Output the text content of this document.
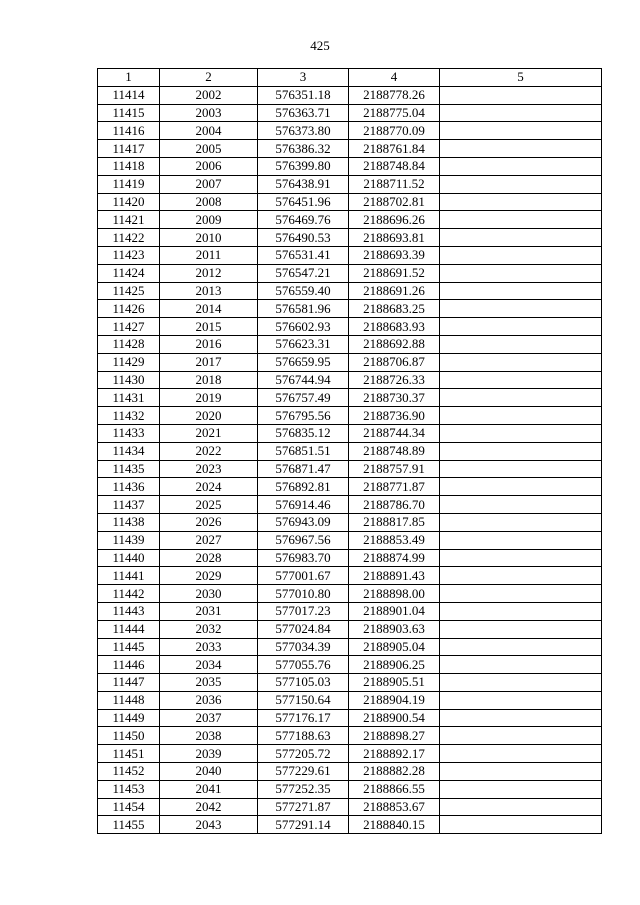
425
1	2	3	4	5
11414	2002	576351.18	2188778.26	
11415	2003	576363.71	2188775.04	
11416	2004	576373.80	2188770.09	
11417	2005	576386.32	2188761.84	
11418	2006	576399.80	2188748.84	
11419	2007	576438.91	2188711.52	
11420	2008	576451.96	2188702.81	
11421	2009	576469.76	2188696.26	
11422	2010	576490.53	2188693.81	
11423	2011	576531.41	2188693.39	
11424	2012	576547.21	2188691.52	
11425	2013	576559.40	2188691.26	
11426	2014	576581.96	2188683.25	
11427	2015	576602.93	2188683.93	
11428	2016	576623.31	2188692.88	
11429	2017	576659.95	2188706.87	
11430	2018	576744.94	2188726.33	
11431	2019	576757.49	2188730.37	
11432	2020	576795.56	2188736.90	
11433	2021	576835.12	2188744.34	
11434	2022	576851.51	2188748.89	
11435	2023	576871.47	2188757.91	
11436	2024	576892.81	2188771.87	
11437	2025	576914.46	2188786.70	
11438	2026	576943.09	2188817.85	
11439	2027	576967.56	2188853.49	
11440	2028	576983.70	2188874.99	
11441	2029	577001.67	2188891.43	
11442	2030	577010.80	2188898.00	
11443	2031	577017.23	2188901.04	
11444	2032	577024.84	2188903.63	
11445	2033	577034.39	2188905.04	
11446	2034	577055.76	2188906.25	
11447	2035	577105.03	2188905.51	
11448	2036	577150.64	2188904.19	
11449	2037	577176.17	2188900.54	
11450	2038	577188.63	2188898.27	
11451	2039	577205.72	2188892.17	
11452	2040	577229.61	2188882.28	
11453	2041	577252.35	2188866.55	
11454	2042	577271.87	2188853.67	
11455	2043	577291.14	2188840.15	
